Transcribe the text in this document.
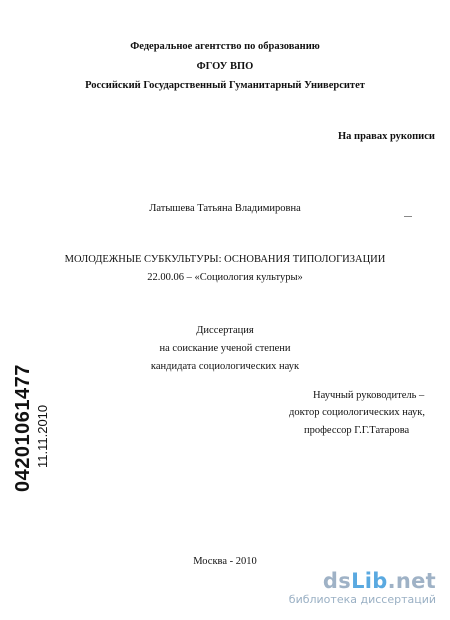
Федеральное агентство по образованию
ФГОУ ВПО
Российский Государственный Гуманитарный Университет
На правах рукописи
Латышева Татьяна Владимировна
МОЛОДЕЖНЫЕ СУБКУЛЬТУРЫ: ОСНОВАНИЯ ТИПОЛОГИЗАЦИИ
22.00.06 – «Социология культуры»
Диссертация
на соискание ученой степени
кандидата социологических наук
Научный руководитель –
доктор социологических наук,
профессор Г.Г.Татарова
Москва - 2010
04201061477 11.11.2010
dsLib.net
библиотека диссертаций
